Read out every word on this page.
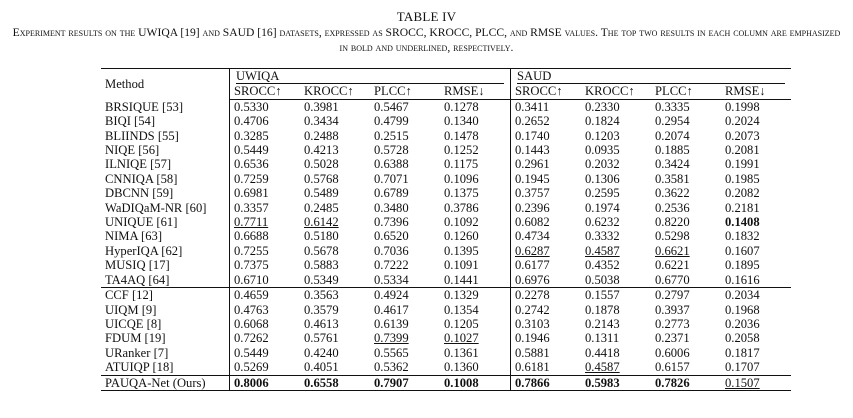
TABLE IV
Experiment results on the UWIQA [19] and SAUD [16] datasets, expressed as SROCC, KROCC, PLCC, and RMSE values. The top two results in each column are emphasized in bold and underlined, respectively.
Method	UWIQA				SAUD			

	SROCC↑	KROCC↑	PLCC↑	RMSE↓	SROCC↑	KROCC↑	PLCC↑	RMSE↓
BRSIQUE [53]	0.5330	0.3981	0.5467	0.1278	0.3411	0.2330	0.3335	0.1998
BIQI [54]	0.4706	0.3434	0.4799	0.1340	0.2652	0.1824	0.2954	0.2024
BLIINDS [55]	0.3285	0.2488	0.2515	0.1478	0.1740	0.1203	0.2074	0.2073
NIQE [56]	0.5449	0.4213	0.5728	0.1252	0.1443	0.0935	0.1885	0.2081
ILNIQE [57]	0.6536	0.5028	0.6388	0.1175	0.2961	0.2032	0.3424	0.1991
CNNIQA [58]	0.7259	0.5768	0.7071	0.1096	0.1945	0.1306	0.3581	0.1985
DBCNN [59]	0.6981	0.5489	0.6789	0.1375	0.3757	0.2595	0.3622	0.2082
WaDIQaM-NR [60]	0.3357	0.2485	0.3480	0.3786	0.2396	0.1974	0.2536	0.2181
UNIQUE [61]	0.7711	0.6142	0.7396	0.1092	0.6082	0.6232	0.8220	0.1408
NIMA [63]	0.6688	0.5180	0.6520	0.1260	0.4734	0.3332	0.5298	0.1832
HyperIQA [62]	0.7255	0.5678	0.7036	0.1395	0.6287	0.4587	0.6621	0.1607
MUSIQ [17]	0.7375	0.5883	0.7222	0.1091	0.6177	0.4352	0.6221	0.1895
TA4AQ [64]	0.6710	0.5349	0.5334	0.1441	0.6976	0.5038	0.6770	0.1616
CCF [12]	0.4659	0.3563	0.4924	0.1329	0.2278	0.1557	0.2797	0.2034
UIQM [9]	0.4763	0.3579	0.4617	0.1354	0.2742	0.1878	0.3937	0.1968
UICQE [8]	0.6068	0.4613	0.6139	0.1205	0.3103	0.2143	0.2773	0.2036
FDUM [19]	0.7262	0.5761	0.7399	0.1027	0.1946	0.1311	0.2371	0.2058
URanker [7]	0.5449	0.4240	0.5565	0.1361	0.5881	0.4418	0.6006	0.1817
ATUIQP [18]	0.5269	0.4051	0.5362	0.1360	0.6181	0.4587	0.6157	0.1707
PAUQA-Net (Ours)	0.8006	0.6558	0.7907	0.1008	0.7866	0.5983	0.7826	0.1507
